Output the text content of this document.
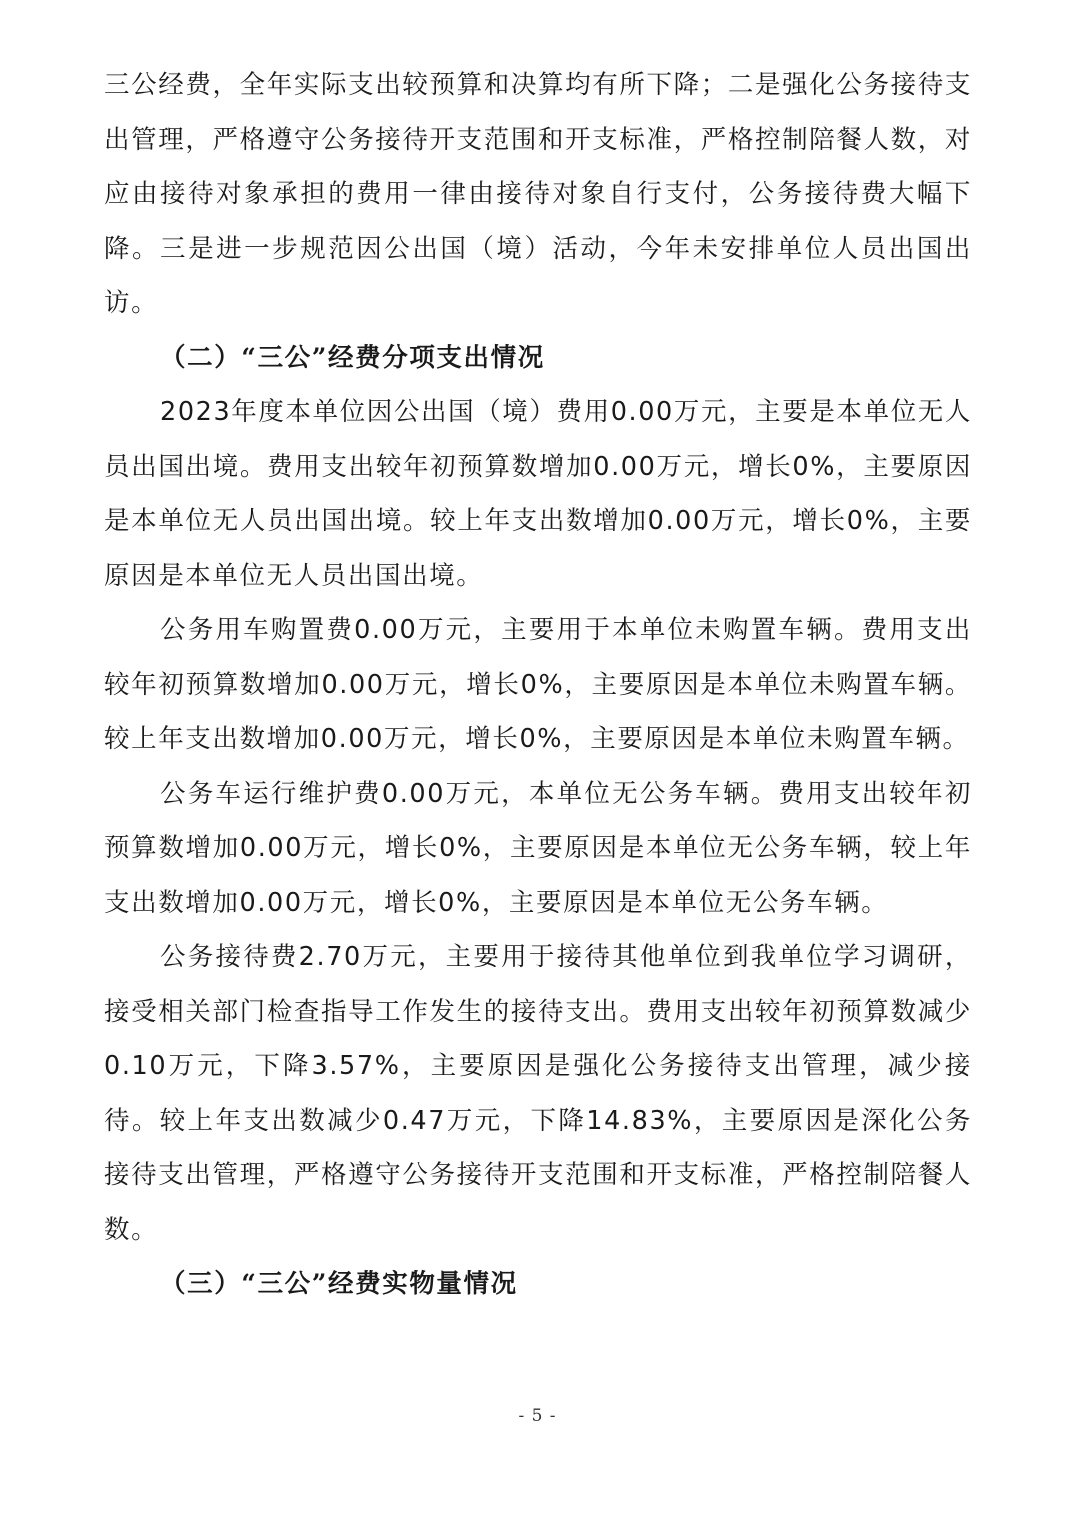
三公经费，全年实际支出较预算和决算均有所下降；二是强化公务接待支出管理，严格遵守公务接待开支范围和开支标准，严格控制陪餐人数，对应由接待对象承担的费用一律由接待对象自行支付，公务接待费大幅下降。三是进一步规范因公出国（境）活动，今年未安排单位人员出国出访。

（二）“三公”经费分项支出情况

2023年度本单位因公出国（境）费用0.00万元，主要是本单位无人员出国出境。费用支出较年初预算数增加0.00万元，增长0%，主要原因是本单位无人员出国出境。较上年支出数增加0.00万元，增长0%，主要原因是本单位无人员出国出境。

公务用车购置费0.00万元，主要用于本单位未购置车辆。费用支出较年初预算数增加0.00万元，增长0%，主要原因是本单位未购置车辆。较上年支出数增加0.00万元，增长0%，主要原因是本单位未购置车辆。

公务车运行维护费0.00万元，本单位无公务车辆。费用支出较年初预算数增加0.00万元，增长0%，主要原因是本单位无公务车辆，较上年支出数增加0.00万元，增长0%，主要原因是本单位无公务车辆。

公务接待费2.70万元，主要用于接待其他单位到我单位学习调研，接受相关部门检查指导工作发生的接待支出。费用支出较年初预算数减少0.10万元，下降3.57%，主要原因是强化公务接待支出管理，减少接待。较上年支出数减少0.47万元，下降14.83%，主要原因是深化公务接待支出管理，严格遵守公务接待开支范围和开支标准，严格控制陪餐人数。

（三）“三公”经费实物量情况

- 5 -
